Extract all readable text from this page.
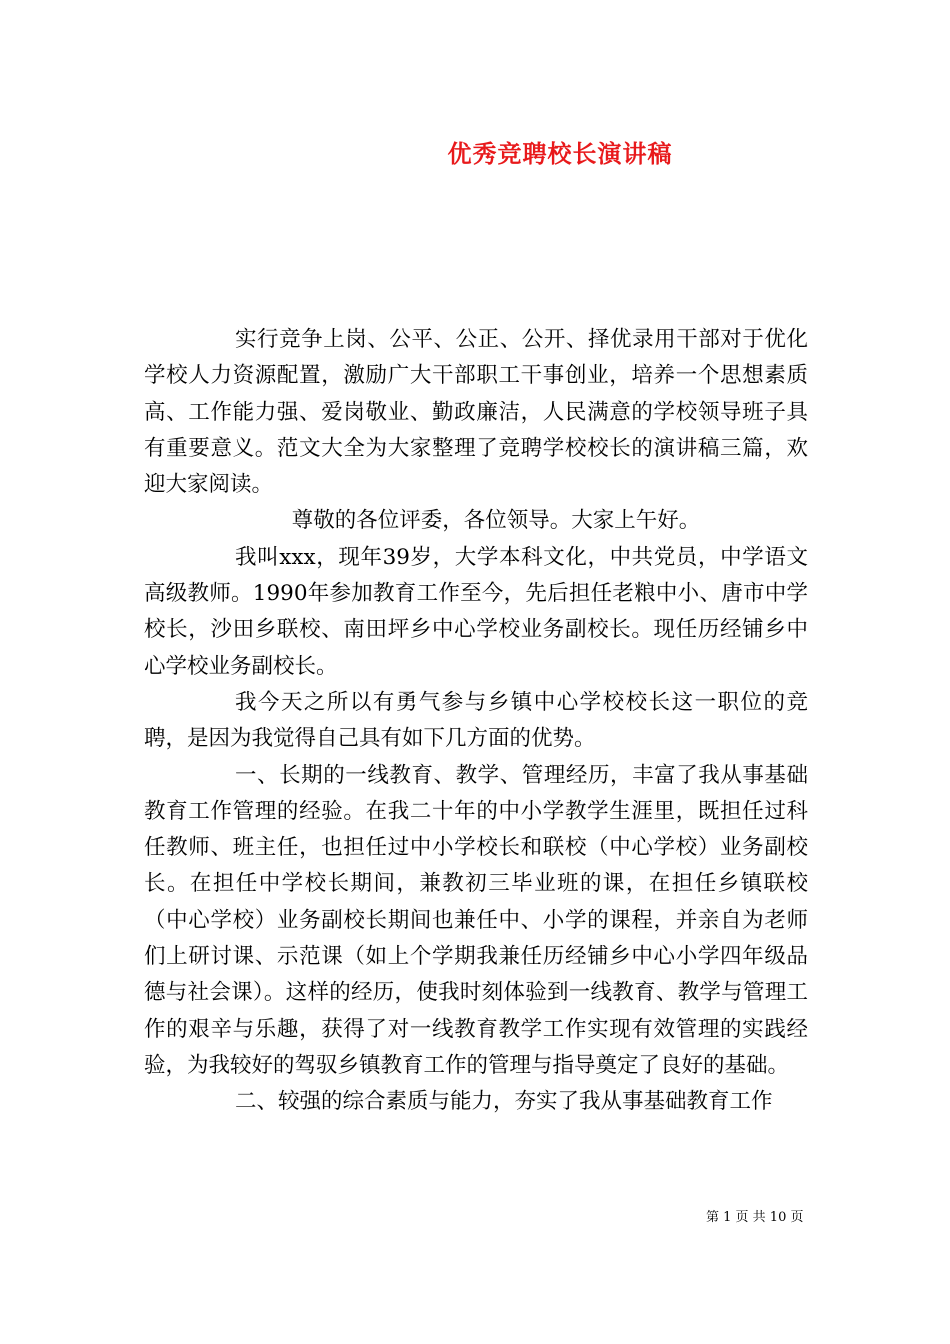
优秀竞聘校长演讲稿

实行竞争上岗、公平、公正、公开、择优录用干部对于优化学校人力资源配置，激励广大干部职工干事创业，培养一个思想素质高、工作能力强、爱岗敬业、勤政廉洁，人民满意的学校领导班子具有重要意义。范文大全为大家整理了竞聘学校校长的演讲稿三篇，欢迎大家阅读。

尊敬的各位评委，各位领导。大家上午好。

我叫xxx，现年39岁，大学本科文化，中共党员，中学语文高级教师。1990年参加教育工作至今，先后担任老粮中小、唐市中学校长，沙田乡联校、南田坪乡中心学校业务副校长。现任历经铺乡中心学校业务副校长。

我今天之所以有勇气参与乡镇中心学校校长这一职位的竞聘，是因为我觉得自己具有如下几方面的优势。

一、长期的一线教育、教学、管理经历，丰富了我从事基础教育工作管理的经验。在我二十年的中小学教学生涯里，既担任过科任教师、班主任，也担任过中小学校长和联校（中心学校）业务副校长。在担任中学校长期间，兼教初三毕业班的课，在担任乡镇联校（中心学校）业务副校长期间也兼任中、小学的课程，并亲自为老师们上研讨课、示范课（如上个学期我兼任历经铺乡中心小学四年级品德与社会课）。这样的经历，使我时刻体验到一线教育、教学与管理工作的艰辛与乐趣，获得了对一线教育教学工作实现有效管理的实践经验，为我较好的驾驭乡镇教育工作的管理与指导奠定了良好的基础。

二、较强的综合素质与能力，夯实了我从事基础教育工作

第 1 页 共 10 页
